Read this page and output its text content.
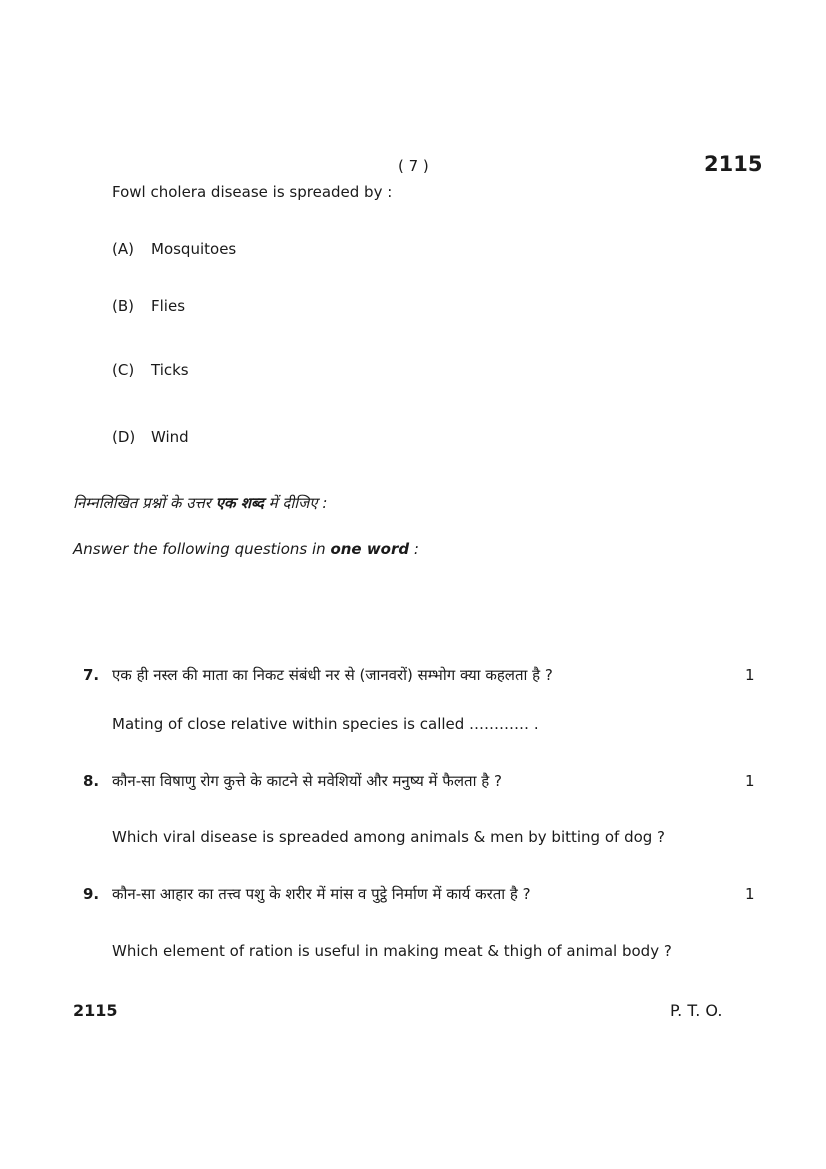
( 7 )	2115
Fowl cholera disease is spreaded by :
(A) Mosquitoes
(B) Flies
(C) Ticks
(D) Wind
निम्नलिखित प्रश्नों के उत्तर एक शब्द में दीजिए :
Answer the following questions in one word :
7. एक ही नस्ल की माता का निकट संबंधी नर से (जानवरों) सम्भोग क्या कहलता है ?	1
Mating of close relative within species is called ………… .
8. कौन-सा विषाणु रोग कुत्ते के काटने से मवेशियों और मनुष्य में फैलता है ?	1
Which viral disease is spreaded among animals & men by bitting of dog ?
9. कौन-सा आहार का तत्त्व पशु के शरीर में मांस व पुट्ठे निर्माण में कार्य करता है ?	1
Which element of ration is useful in making meat & thigh of animal body ?
2115	P. T. O.
